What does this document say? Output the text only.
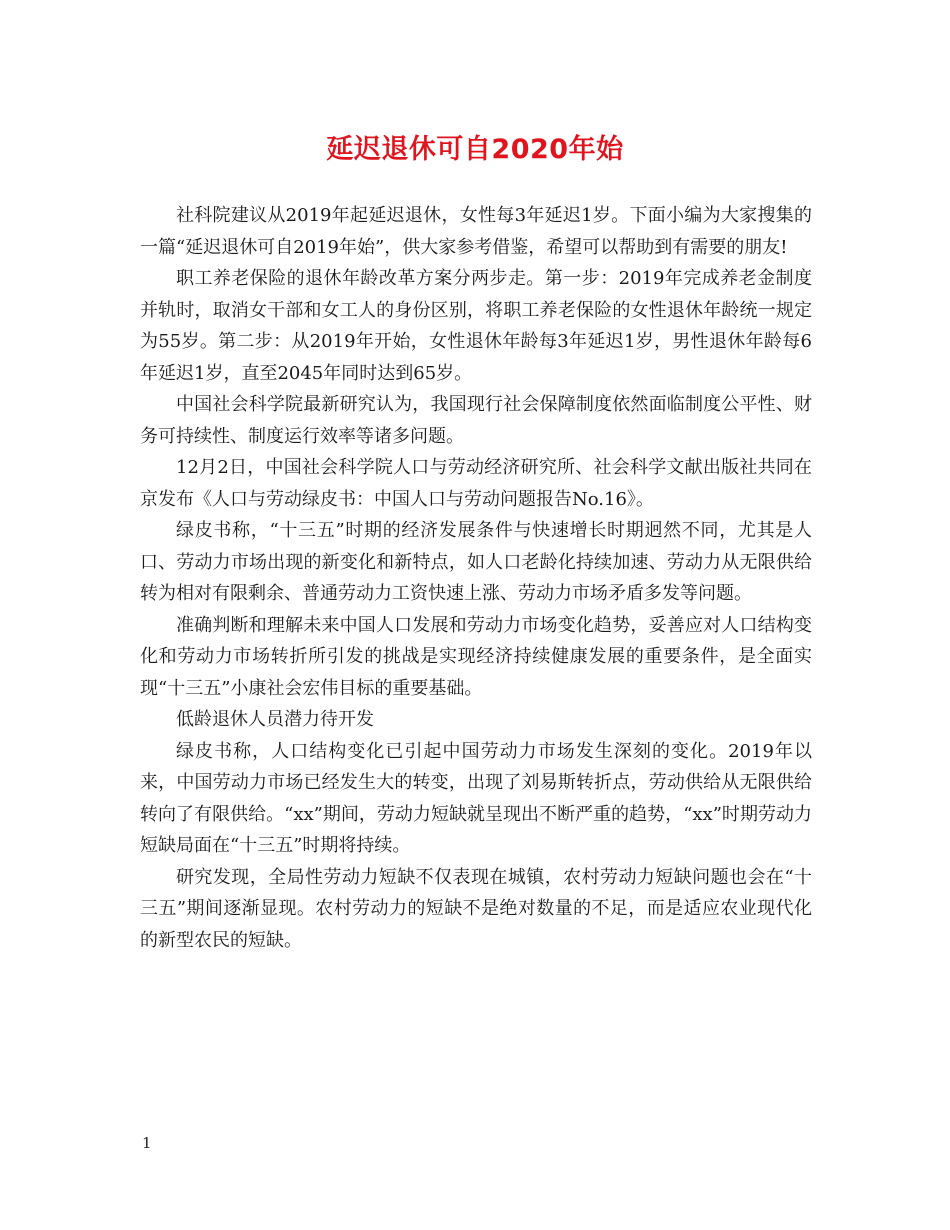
延迟退休可自2020年始

社科院建议从2019年起延迟退休，女性每3年延迟1岁。下面小编为大家搜集的一篇“延迟退休可自2019年始”，供大家参考借鉴，希望可以帮助到有需要的朋友!

职工养老保险的退休年龄改革方案分两步走。第一步：2019年完成养老金制度并轨时，取消女干部和女工人的身份区别，将职工养老保险的女性退休年龄统一规定为55岁。第二步：从2019年开始，女性退休年龄每3年延迟1岁，男性退休年龄每6年延迟1岁，直至2045年同时达到65岁。

中国社会科学院最新研究认为，我国现行社会保障制度依然面临制度公平性、财务可持续性、制度运行效率等诸多问题。

12月2日，中国社会科学院人口与劳动经济研究所、社会科学文献出版社共同在京发布《人口与劳动绿皮书：中国人口与劳动问题报告No.16》。

绿皮书称，“十三五”时期的经济发展条件与快速增长时期迥然不同，尤其是人口、劳动力市场出现的新变化和新特点，如人口老龄化持续加速、劳动力从无限供给转为相对有限剩余、普通劳动力工资快速上涨、劳动力市场矛盾多发等问题。

准确判断和理解未来中国人口发展和劳动力市场变化趋势，妥善应对人口结构变化和劳动力市场转折所引发的挑战是实现经济持续健康发展的重要条件，是全面实现“十三五”小康社会宏伟目标的重要基础。

低龄退休人员潜力待开发

绿皮书称，人口结构变化已引起中国劳动力市场发生深刻的变化。2019年以来，中国劳动力市场已经发生大的转变，出现了刘易斯转折点，劳动供给从无限供给转向了有限供给。“xx”期间，劳动力短缺就呈现出不断严重的趋势，“xx”时期劳动力短缺局面在“十三五”时期将持续。

研究发现，全局性劳动力短缺不仅表现在城镇，农村劳动力短缺问题也会在“十三五”期间逐渐显现。农村劳动力的短缺不是绝对数量的不足，而是适应农业现代化的新型农民的短缺。

1
